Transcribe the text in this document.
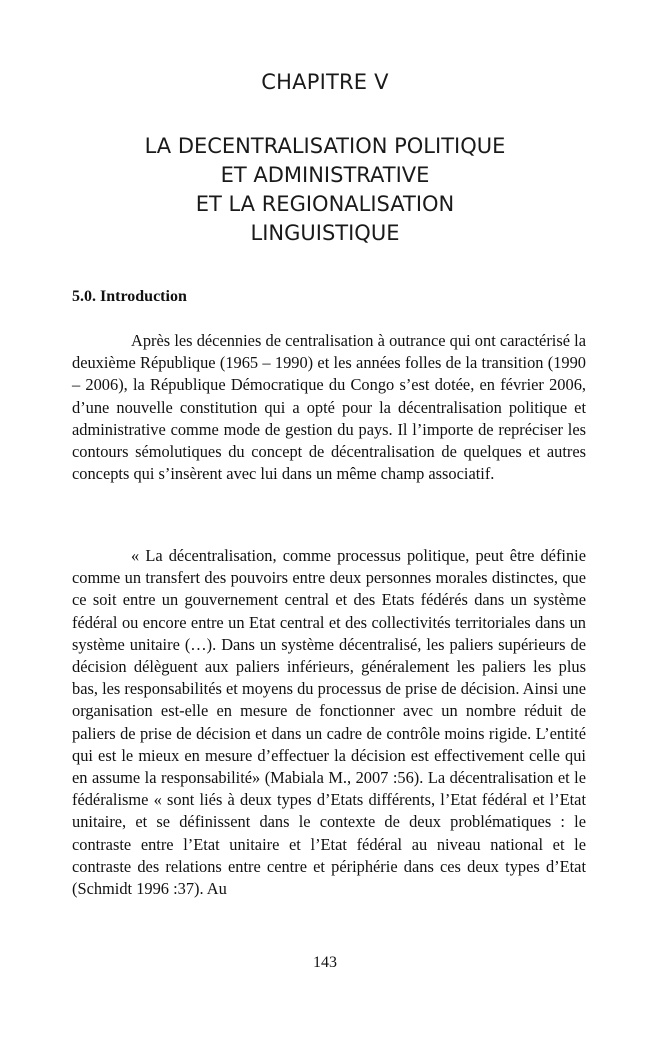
CHAPITRE V
LA DECENTRALISATION POLITIQUE
ET ADMINISTRATIVE
ET LA REGIONALISATION
LINGUISTIQUE
5.0. Introduction

Après les décennies de centralisation à outrance qui ont caractérisé la deuxième République (1965 – 1990) et les années folles de la transition (1990 – 2006), la République Démocratique du Congo s’est dotée, en février 2006, d’une nouvelle constitution qui a opté pour la décentralisation politique et administrative comme mode de gestion du pays. Il l’importe de repréciser les contours sémolutiques du concept de décentralisation de quelques et autres concepts qui s’insèrent avec lui dans un même champ associatif.

« La décentralisation, comme processus politique, peut être définie comme un transfert des pouvoirs entre deux personnes morales distinctes, que ce soit entre un gouvernement central et des Etats fédérés dans un système fédéral ou encore entre un Etat central et des collectivités territoriales dans un système unitaire (…). Dans un système décentralisé, les paliers supérieurs de décision délèguent aux paliers inférieurs, généralement les paliers les plus bas, les responsabilités et moyens du processus de prise de décision. Ainsi une organisation est-elle en mesure de fonctionner avec un nombre réduit de paliers de prise de décision et dans un cadre de contrôle moins rigide. L’entité qui est le mieux en mesure d’effectuer la décision est effectivement celle qui en assume la responsabilité» (Mabiala M., 2007 :56). La décentralisation et le fédéralisme « sont liés à deux types d’Etats différents, l’Etat fédéral et l’Etat unitaire, et se définissent dans le contexte de deux problématiques : le contraste entre l’Etat unitaire et l’Etat fédéral au niveau national et le contraste des relations entre centre et périphérie dans ces deux types d’Etat (Schmidt 1996 :37). Au

143
